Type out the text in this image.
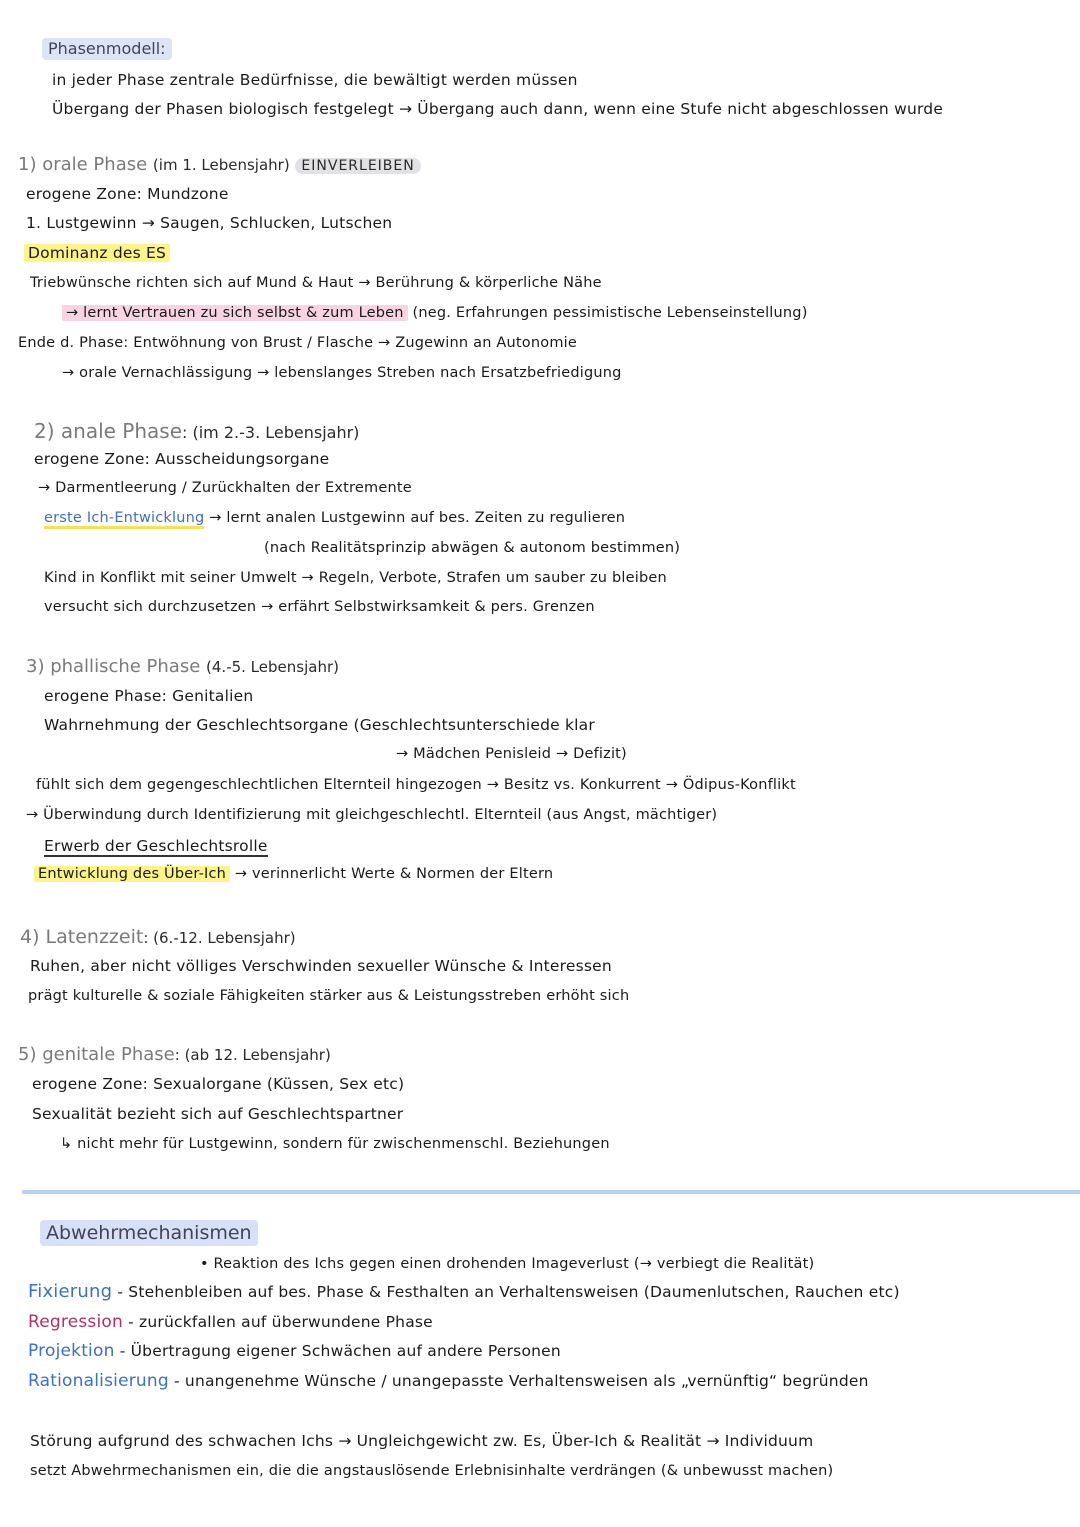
Phasenmodell:
in jeder Phase zentrale Bedürfnisse, die bewältigt werden müssen
Übergang der Phasen biologisch festgelegt → Übergang auch dann, wenn eine Stufe nicht abgeschlossen wurde
1) orale Phase (im 1. Lebensjahr) EINVERLEIBEN
erogene Zone: Mundzone
1. Lustgewinn → Saugen, Schlucken, Lutschen
Dominanz des ES
Triebwünsche richten sich auf Mund & Haut → Berührung & körperliche Nähe
→ lernt Vertrauen zu sich selbst & zum Leben (neg. Erfahrungen pessimistische Lebenseinstellung)
Ende d. Phase: Entwöhnung von Brust / Flasche → Zugewinn an Autonomie
→ orale Vernachlässigung → lebenslanges Streben nach Ersatzbefriedigung
2) anale Phase: (im 2.-3. Lebensjahr)
erogene Zone: Ausscheidungsorgane
→ Darmentleerung / Zurückhalten der Extremente
erste Ich-Entwicklung → lernt analen Lustgewinn auf bes. Zeiten zu regulieren
(nach Realitätsprinzip abwägen & autonom bestimmen)
Kind in Konflikt mit seiner Umwelt → Regeln, Verbote, Strafen um sauber zu bleiben
versucht sich durchzusetzen → erfährt Selbstwirksamkeit & pers. Grenzen
3) phallische Phase (4.-5. Lebensjahr)
erogene Phase: Genitalien
Wahrnehmung der Geschlechtsorgane (Geschlechtsunterschiede klar
→ Mädchen Penisleid → Defizit)
fühlt sich dem gegengeschlechtlichen Elternteil hingezogen → Besitz vs. Konkurrent → Ödipus-Konflikt
→ Überwindung durch Identifizierung mit gleichgeschlechtl. Elternteil (aus Angst, mächtiger)
Erwerb der Geschlechtsrolle
Entwicklung des Über-Ich → verinnerlicht Werte & Normen der Eltern
4) Latenzzeit: (6.-12. Lebensjahr)
Ruhen, aber nicht völliges Verschwinden sexueller Wünsche & Interessen
prägt kulturelle & soziale Fähigkeiten stärker aus & Leistungsstreben erhöht sich
5) genitale Phase: (ab 12. Lebensjahr)
erogene Zone: Sexualorgane (Küssen, Sex etc)
Sexualität bezieht sich auf Geschlechtspartner
↳ nicht mehr für Lustgewinn, sondern für zwischenmenschl. Beziehungen
Abwehrmechanismen
• Reaktion des Ichs gegen einen drohenden Imageverlust (→ verbiegt die Realität)
Fixierung - Stehenbleiben auf bes. Phase & Festhalten an Verhaltensweisen (Daumenlutschen, Rauchen etc)
Regression - zurückfallen auf überwundene Phase
Projektion - Übertragung eigener Schwächen auf andere Personen
Rationalisierung - unangenehme Wünsche / unangepasste Verhaltensweisen als „vernünftig“ begründen
Störung aufgrund des schwachen Ichs → Ungleichgewicht zw. Es, Über-Ich & Realität → Individuum
setzt Abwehrmechanismen ein, die die angstauslösende Erlebnisinhalte verdrängen (& unbewusst machen)
